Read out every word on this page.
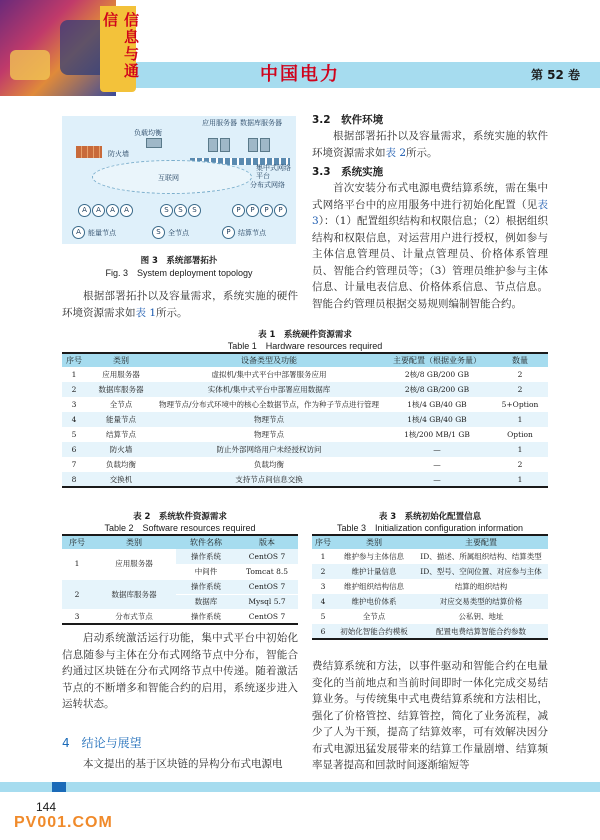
信息与通信
中国电力	第 52 卷
负载均衡
应用服务器 数据库服务器
防火墙
集中式网络平台
互联网
分布式网络
A	A	A	A	S	S	S	P	P	P	P
A	能量节点	S	全节点	P	结算节点
图 3　系统部署拓扑
Fig. 3　System deployment topology
根据部署拓扑以及容量需求，系统实施的硬件环境资源需求如表 1所示。
3.2　软件环境
根据部署拓扑以及容量需求，系统实施的软件环境资源需求如表 2所示。
3.3　系统实施
首次安装分布式电源电费结算系统，需在集中式网络平台中的应用服务中进行初始化配置（见表 3）：（1）配置组织结构和权限信息；（2）根据组织结构和权限信息，对运营用户进行授权，例如参与主体信息管理员、计量点管理员、价格体系管理员、智能合约管理员等；（3）管理员维护参与主体信息、计量电表信息、价格体系信息、节点信息。智能合约管理员根据交易规则编制智能合约。
表 1　系统硬件资源需求
Table 1　Hardware resources required
序号	类别	设备类型及功能	主要配置（根据业务量）	数量
1	应用服务器	虚拟机/集中式平台中部署服务应用	2核/8 GB/200 GB	2
2	数据库服务器	实体机/集中式平台中部署应用数据库	2核/8 GB/200 GB	2
3	全节点	物理节点/分布式环境中的核心全数据节点，作为种子节点进行管理	1核/4 GB/40 GB	5+Option
4	能量节点	物理节点	1核/4 GB/40 GB	1
5	结算节点	物理节点	1核/200 MB/1 GB	Option
6	防火墙	防止外部网络用户未经授权访问	—	1
7	负载均衡	负载均衡	—	2
8	交换机	支持节点间信息交换	—	1
表 2　系统软件资源需求
Table 2　Software resources required
序号	类别	软件名称	版本
1	应用服务器	操作系统	CentOS 7
		中间件	Tomcat 8.5
2	数据库服务器	操作系统	CentOS 7
		数据库	Mysql 5.7
3	分布式节点	操作系统	CentOS 7
表 3　系统初始化配置信息
Table 3　Initialization configuration information
序号	类别	主要配置
1	维护参与主体信息	ID、描述、所属组织结构、结算类型
2	维护计量信息	ID、型号、空间位置、对应参与主体
3	维护组织结构信息	结算的组织结构
4	维护电价体系	对应交易类型的结算价格
5	全节点	公私钥、地址
6	初始化智能合约模板	配置电费结算智能合约参数
启动系统激活运行功能，集中式平台中初始化信息随参与主体在分布式网络节点中分布，智能合约通过区块链在分布式网络节点中传递。随着激活节点的不断增多和智能合约的启用，系统逐步进入运转状态。
4　结论与展望
本文提出的基于区块链的异构分布式电源电
费结算系统和方法，以事件驱动和智能合约在电量变化的当前地点和当前时间即时一体化完成交易结算业务。与传统集中式电费结算系统和方法相比，强化了价格管控、结算管控，简化了业务流程，减少了人为干预，提高了结算效率，可有效解决因分布式电源迅猛发展带来的结算工作量剧增、结算频率显著提高和回款时间逐渐缩短等
144
PV001.COM
